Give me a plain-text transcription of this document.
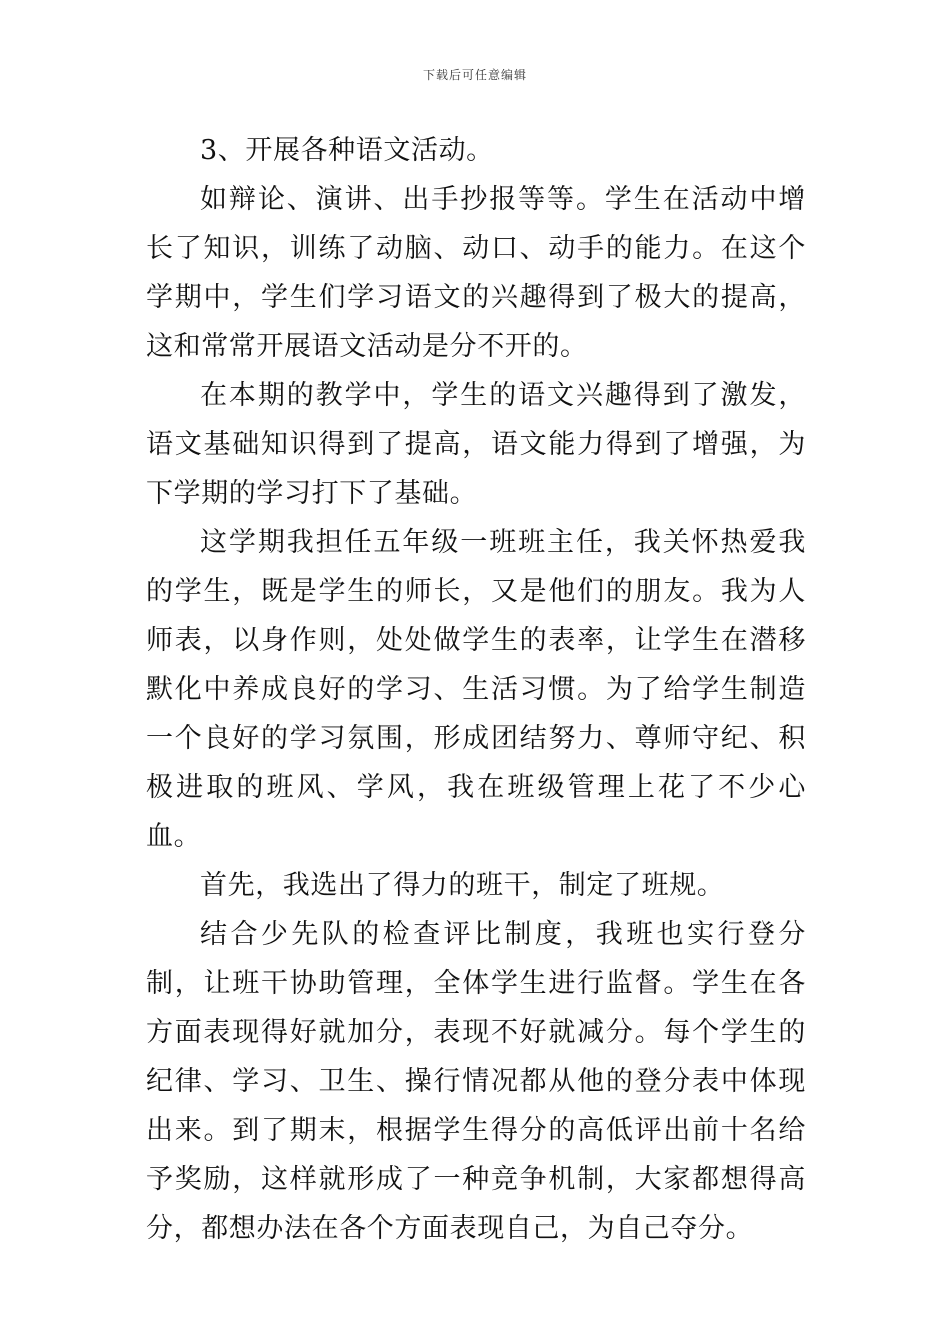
下载后可任意编辑

3、开展各种语文活动。

如辩论、演讲、出手抄报等等。学生在活动中增长了知识，训练了动脑、动口、动手的能力。在这个学期中，学生们学习语文的兴趣得到了极大的提高，这和常常开展语文活动是分不开的。

在本期的教学中，学生的语文兴趣得到了激发，语文基础知识得到了提高，语文能力得到了增强，为下学期的学习打下了基础。

这学期我担任五年级一班班主任，我关怀热爱我的学生，既是学生的师长，又是他们的朋友。我为人师表，以身作则，处处做学生的表率，让学生在潜移默化中养成良好的学习、生活习惯。为了给学生制造一个良好的学习氛围，形成团结努力、尊师守纪、积极进取的班风、学风，我在班级管理上花了不少心血。

首先，我选出了得力的班干，制定了班规。

结合少先队的检查评比制度，我班也实行登分制，让班干协助管理，全体学生进行监督。学生在各方面表现得好就加分，表现不好就减分。每个学生的纪律、学习、卫生、操行情况都从他的登分表中体现出来。到了期末，根据学生得分的高低评出前十名给予奖励，这样就形成了一种竞争机制，大家都想得高分，都想办法在各个方面表现自己，为自己夺分。
